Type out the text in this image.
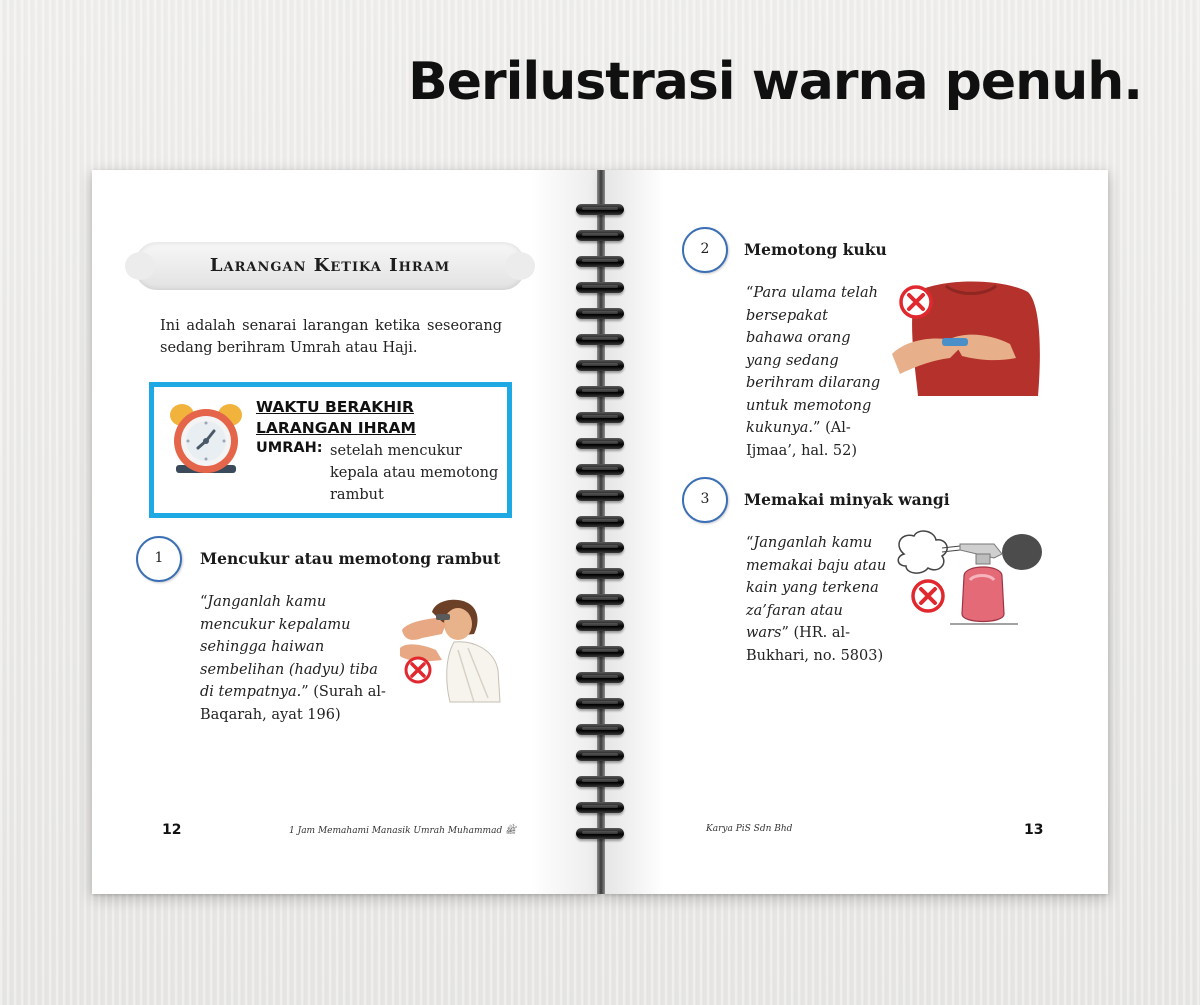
Berilustrasi warna penuh.
Larangan Ketika Ihram
Ini adalah senarai larangan ketika seseorang sedang berihram Umrah atau Haji.
WAKTU BERAKHIR
LARANGAN IHRAM
UMRAH: setelah mencukur kepala atau memotong rambut
1	Mencukur atau memotong rambut
“Janganlah kamu mencukur kepalamu sehingga haiwan sembelihan (hadyu) tiba di tempatnya.” (Surah al-Baqarah, ayat 196)
12	1 Jam Memahami Manasik Umrah Muhammad ﷺ
2	Memotong kuku
“Para ulama telah bersepakat bahawa orang yang sedang berihram dilarang untuk memotong kukunya.” (Al-Ijmaa’, hal. 52)
3	Memakai minyak wangi
“Janganlah kamu memakai baju atau kain yang terkena za’faran atau wars” (HR. al-Bukhari, no. 5803)
13
Karya PiS Sdn Bhd
